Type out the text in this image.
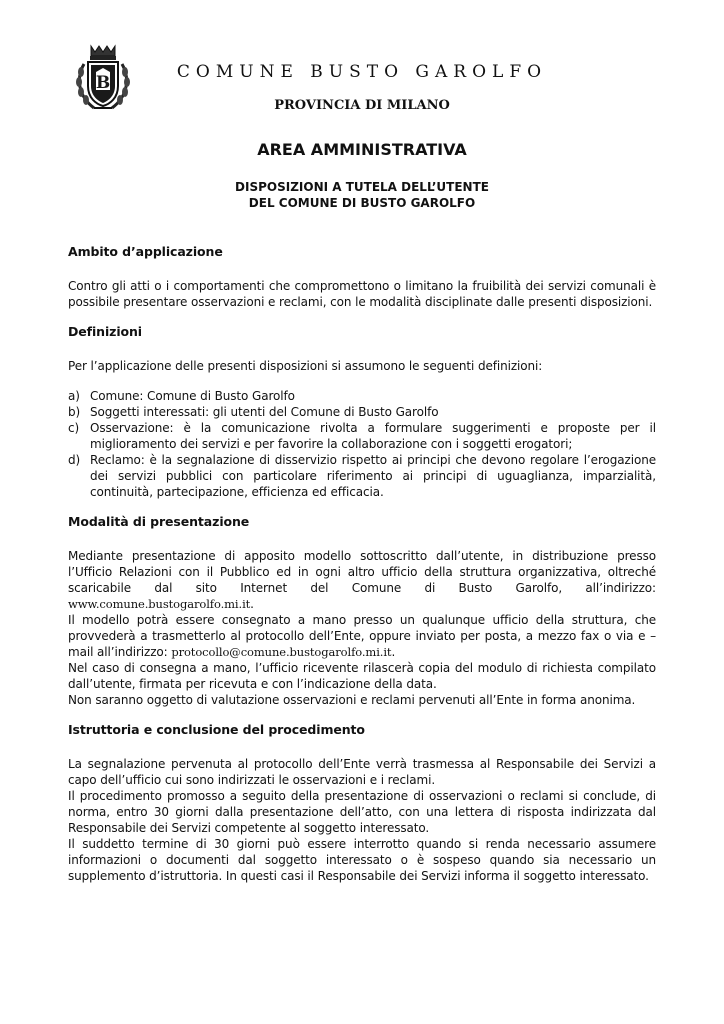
B
COMUNE BUSTO GAROLFO
PROVINCIA DI MILANO
AREA AMMINISTRATIVA
DISPOSIZIONI A TUTELA DELL’UTENTE
DEL COMUNE DI BUSTO GAROLFO
Ambito d’applicazione

Contro gli atti o i comportamenti che compromettono o limitano la fruibilità dei servizi comunali è possibile presentare osservazioni e reclami, con le modalità disciplinate dalle presenti disposizioni.

Definizioni

Per l’applicazione delle presenti disposizioni si assumono le seguenti definizioni:

a) Comune: Comune di Busto Garolfo
b) Soggetti interessati: gli utenti del Comune di Busto Garolfo
c) Osservazione: è la comunicazione rivolta a formulare suggerimenti e proposte per il miglioramento dei servizi e per favorire la collaborazione con i soggetti erogatori;
d) Reclamo: è la segnalazione di disservizio rispetto ai principi che devono regolare l’erogazione dei servizi pubblici con particolare riferimento ai principi di uguaglianza, imparzialità, continuità, partecipazione, efficienza ed efficacia.
Modalità di presentazione

Mediante presentazione di apposito modello sottoscritto dall’utente, in distribuzione presso l’Ufficio Relazioni con il Pubblico ed in ogni altro ufficio della struttura organizzativa, oltreché scaricabile dal sito Internet del Comune di Busto Garolfo, all’indirizzo: www.comune.bustogarolfo.mi.it.

Il modello potrà essere consegnato a mano presso un qualunque ufficio della struttura, che provvederà a trasmetterlo al protocollo dell’Ente, oppure inviato per posta, a mezzo fax o via e – mail all’indirizzo: protocollo@comune.bustogarolfo.mi.it.

Nel caso di consegna a mano, l’ufficio ricevente rilascerà copia del modulo di richiesta compilato dall’utente, firmata per ricevuta e con l’indicazione della data.

Non saranno oggetto di valutazione osservazioni e reclami pervenuti all’Ente in forma anonima.

Istruttoria e conclusione del procedimento

La segnalazione pervenuta al protocollo dell’Ente verrà trasmessa al Responsabile dei Servizi a capo dell’ufficio cui sono indirizzati le osservazioni e i reclami.

Il procedimento promosso a seguito della presentazione di osservazioni o reclami si conclude, di norma, entro 30 giorni dalla presentazione dell’atto, con una lettera di risposta indirizzata dal Responsabile dei Servizi competente al soggetto interessato.

Il suddetto termine di 30 giorni può essere interrotto quando si renda necessario assumere informazioni o documenti dal soggetto interessato o è sospeso quando sia necessario un supplemento d’istruttoria. In questi casi il Responsabile dei Servizi informa il soggetto interessato.
